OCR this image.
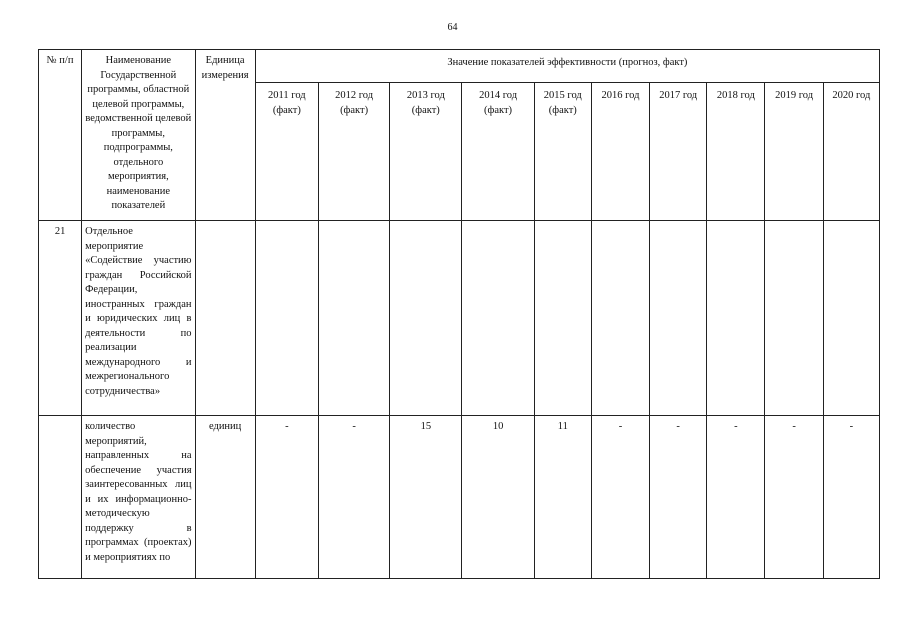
64
№ п/п	Наименование Государственной программы, областной целевой программы, ведомственной целевой программы, подпрограммы, отдельного мероприятия, наименование показателей	Единица измерения	Значение показателей эффективности (прогноз, факт)									
			2011 год (факт)	2012 год (факт)	2013 год (факт)	2014 год (факт)	2015 год (факт)	2016 год	2017 год	2018 год	2019 год	2020 год
21	Отдельное мероприятие «Содействие участию граждан Российской Федерации, иностранных граждан и юридических лиц в деятельности по реализации международного и межрегионального сотрудничества»											
	количество мероприятий, направленных на обеспечение участия заинтересованных лиц и их информационно-методическую поддержку в программах (проектах) и мероприятиях по	единиц	-	-	15	10	11	-	-	-	-	-
